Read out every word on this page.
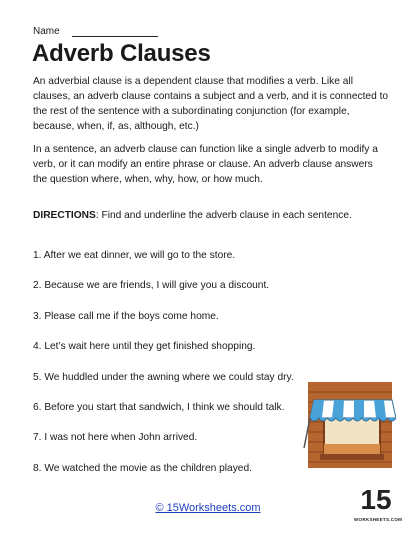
Name
Adverb Clauses

An adverbial clause is a dependent clause that modifies a verb. Like all clauses, an adverb clause contains a subject and a verb, and it is connected to the rest of the sentence with a subordinating conjunction (for example, because, when, if, as, although, etc.)

In a sentence, an adverb clause can function like a single adverb to modify a verb, or it can modify an entire phrase or clause. An adverb clause answers the question where, when, why, how, or how much.

DIRECTIONS: Find and underline the adverb clause in each sentence.

1. After we eat dinner, we will go to the store.

2. Because we are friends, I will give you a discount.

3. Please call me if the boys come home.

4. Let’s wait here until they get finished shopping.

5. We huddled under the awning where we could stay dry.

6. Before you start that sandwich, I think we should talk.

7. I was not here when John arrived.

8. We watched the movie as the children played.

© 15Worksheets.com	15
WORKSHEETS.COM
